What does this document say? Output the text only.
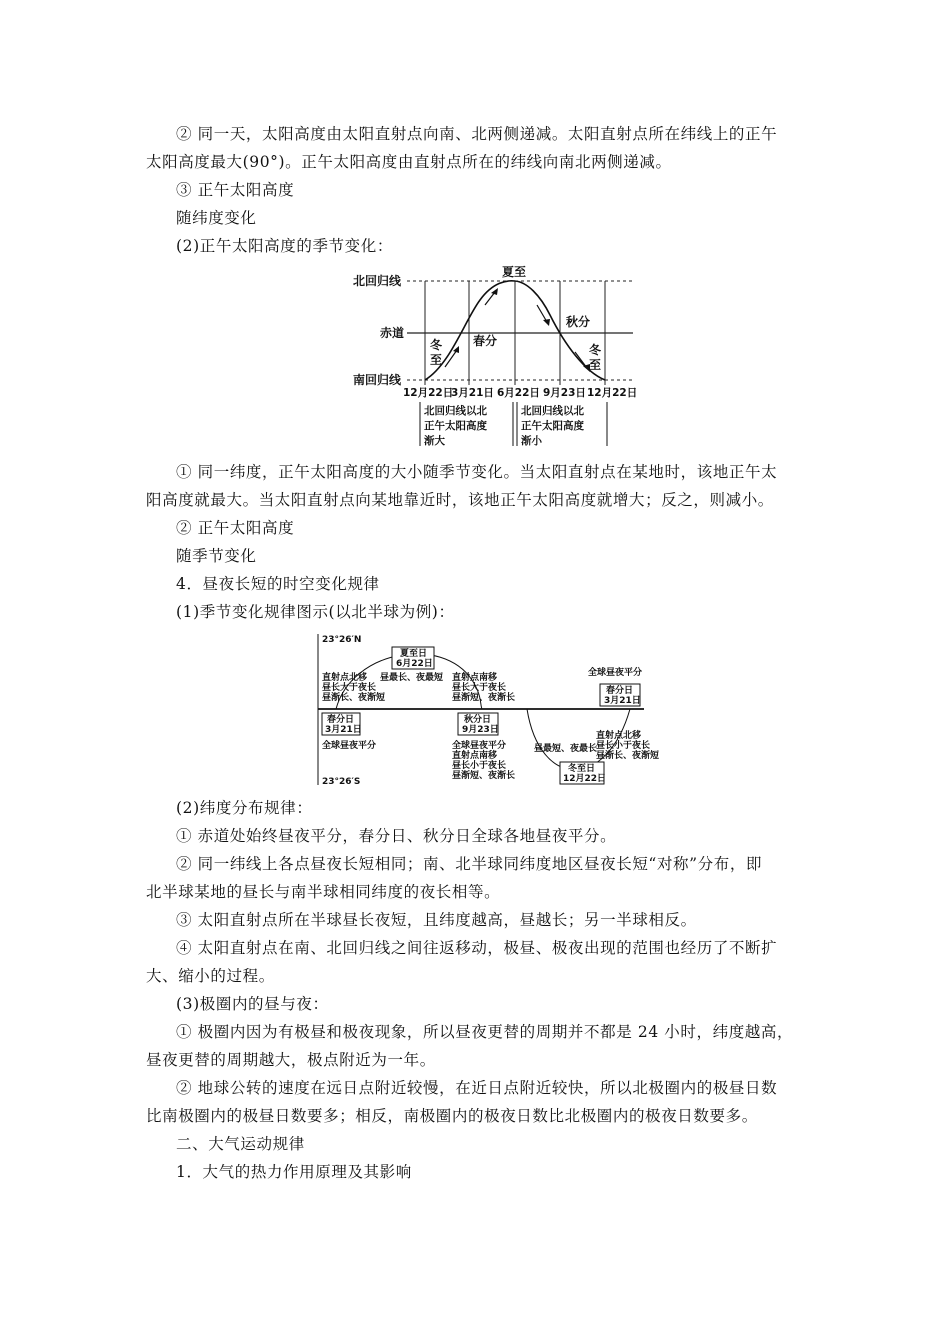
② 同一天，太阳高度由太阳直射点向南、北两侧递减。太阳直射点所在纬线上的正午
太阳高度最大(90°)。正午太阳高度由直射点所在的纬线向南北两侧递减。
③ 正午太阳高度
随纬度变化
(2)正午太阳高度的季节变化：
北回归线
赤道
南回归线
夏至
春分
秋分
冬
至
冬
至
12月22日
3月21日 6月22日 9月23日 12月22日
北回归线以北
正午太阳高度
渐大
北回归线以北
正午太阳高度
渐小
① 同一纬度，正午太阳高度的大小随季节变化。当太阳直射点在某地时，该地正午太
阳高度就最大。当太阳直射点向某地靠近时，该地正午太阳高度就增大；反之，则减小。
② 正午太阳高度
随季节变化
4．昼夜长短的时空变化规律
(1)季节变化规律图示(以北半球为例)：
23°26′N
23°26′S
夏至日
6月22日
昼最长、夜最短
直射点北移
昼长大于夜长
昼渐长、夜渐短
春分日
3月21日
全球昼夜平分
直射点南移
昼长大于夜长
昼渐短、夜渐长
秋分日
9月23日
全球昼夜平分
直射点南移
昼长小于夜长
昼渐短、夜渐长
昼最短、夜最长
冬至日
12月22日
全球昼夜平分
春分日
3月21日
直射点北移
昼长小于夜长
昼渐长、夜渐短
(2)纬度分布规律：
① 赤道处始终昼夜平分，春分日、秋分日全球各地昼夜平分。
② 同一纬线上各点昼夜长短相同；南、北半球同纬度地区昼夜长短“对称”分布，即
北半球某地的昼长与南半球相同纬度的夜长相等。
③ 太阳直射点所在半球昼长夜短，且纬度越高，昼越长；另一半球相反。
④ 太阳直射点在南、北回归线之间往返移动，极昼、极夜出现的范围也经历了不断扩
大、缩小的过程。
(3)极圈内的昼与夜：
① 极圈内因为有极昼和极夜现象，所以昼夜更替的周期并不都是 24 小时，纬度越高，
昼夜更替的周期越大，极点附近为一年。
② 地球公转的速度在远日点附近较慢，在近日点附近较快，所以北极圈内的极昼日数
比南极圈内的极昼日数要多；相反，南极圈内的极夜日数比北极圈内的极夜日数要多。
二、大气运动规律
1．大气的热力作用原理及其影响
